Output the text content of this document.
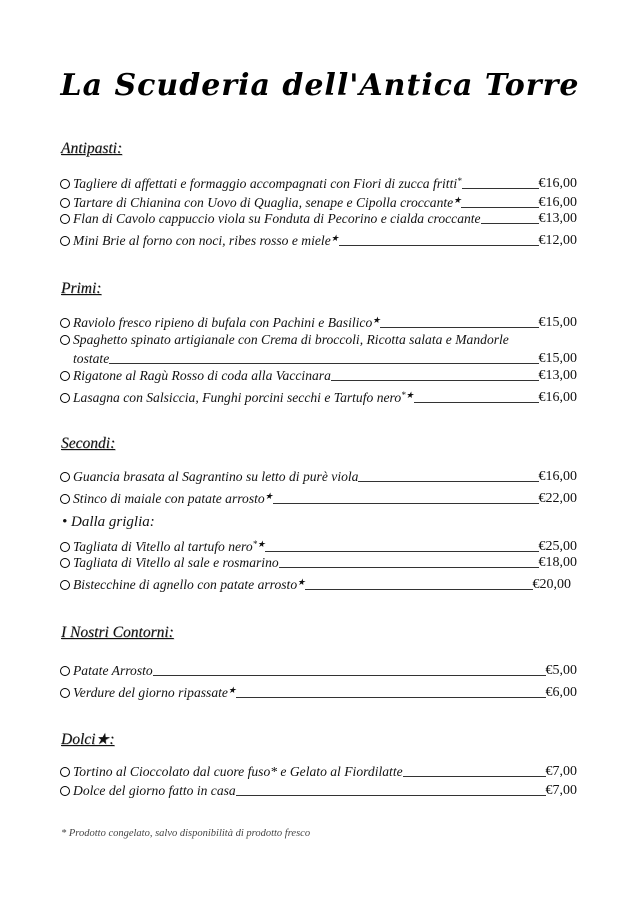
La Scuderia dell'Antica Torre
Antipasti:
Tagliere di affettati e formaggio accompagnati con Fiori di zucca fritti *	€16,00
Tartare di Chianina con Uovo di Quaglia, senape e Cipolla croccante ★	€16,00
Flan di Cavolo cappuccio viola su Fonduta di Pecorino e cialda croccante	€13,00
Mini Brie al forno con noci, ribes rosso e miele ★	€12,00
Primi:
Raviolo fresco ripieno di bufala con Pachini e Basilico ★	€15,00
Spaghetto spinato artigianale con Crema di broccoli, Ricotta salata e Mandorle
tostate	€15,00
Rigatone al Ragù Rosso di coda alla Vaccinara	€13,00
Lasagna con Salsiccia, Funghi porcini secchi e Tartufo nero *★	€16,00
Secondi:
Guancia brasata al Sagrantino su letto di purè viola	€16,00
Stinco di maiale con patate arrosto ★	€22,00
• Dalla griglia:
Tagliata di Vitello al tartufo nero *★	€25,00
Tagliata di Vitello al sale e rosmarino	€18,00
Bistecchine di agnello con patate arrosto ★	€20,00
I Nostri Contorni:
Patate Arrosto	€5,00
Verdure del giorno ripassate ★	€6,00
Dolci★:
Tortino al Cioccolato dal cuore fuso* e Gelato al Fiordilatte	€7,00
Dolce del giorno fatto in casa	€7,00
* Prodotto congelato, salvo disponibilità di prodotto fresco
